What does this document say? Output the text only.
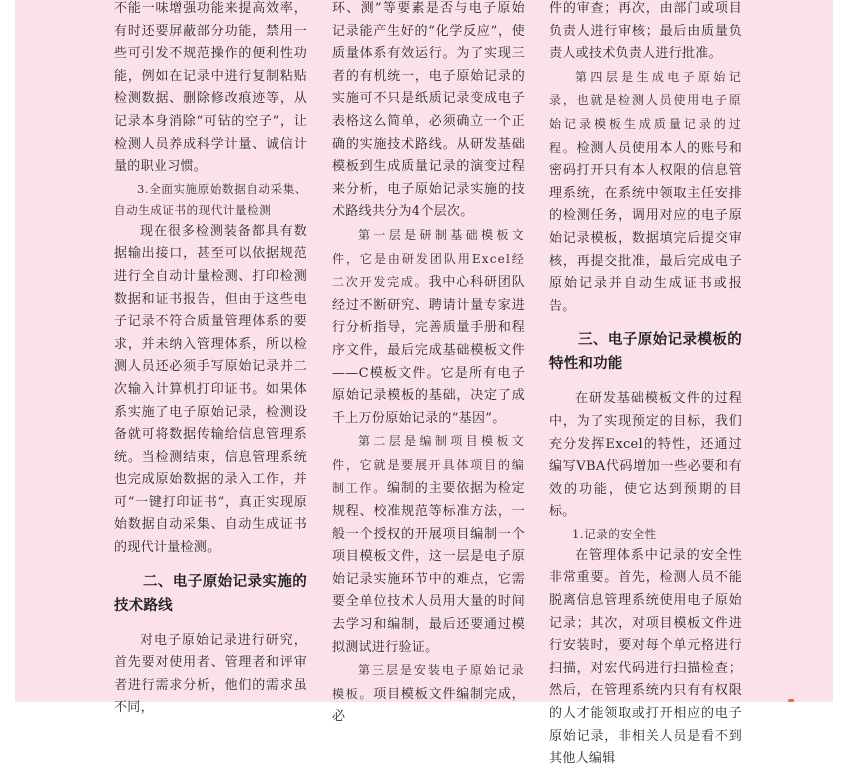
不能一味增强功能来提高效率，有时还要屏蔽部分功能，禁用一些可引发不规范操作的便利性功能，例如在记录中进行复制粘贴检测数据、删除修改痕迹等，从记录本身消除“可钻的空子”，让检测人员养成科学计量、诚信计量的职业习惯。

3.全面实施原始数据自动采集、自动生成证书的现代计量检测

现在很多检测装备都具有数据输出接口，甚至可以依据规范进行全自动计量检测、打印检测数据和证书报告，但由于这些电子记录不符合质量管理体系的要求，并未纳入管理体系，所以检测人员还必须手写原始记录并二次输入计算机打印证书。如果体系实施了电子原始记录，检测设备就可将数据传输给信息管理系统。当检测结束，信息管理系统也完成原始数据的录入工作，并可“一键打印证书”，真正实现原始数据自动采集、自动生成证书的现代计量检测。

二、电子原始记录实施的技术路线

对电子原始记录进行研究，首先要对使用者、管理者和评审者进行需求分析，他们的需求虽不同，

环、测”等要素是否与电子原始记录能产生好的“化学反应”，使质量体系有效运行。为了实现三者的有机统一，电子原始记录的实施可不只是纸质记录变成电子表格这么简单，必须确立一个正确的实施技术路线。从研发基础模板到生成质量记录的演变过程来分析，电子原始记录实施的技术路线共分为4个层次。

第一层是研制基础模板文件，它是由研发团队用Excel经二次开发完成。我中心科研团队经过不断研究、聘请计量专家进行分析指导，完善质量手册和程序文件，最后完成基础模板文件——C模板文件。它是所有电子原始记录模板的基础，决定了成千上万份原始记录的“基因”。

第二层是编制项目模板文件，它就是要展开具体项目的编制工作。编制的主要依据为检定规程、校准规范等标准方法，一般一个授权的开展项目编制一个项目模板文件，这一层是电子原始记录实施环节中的难点，它需要全单位技术人员用大量的时间去学习和编制，最后还要通过模拟测试进行验证。

第三层是安装电子原始记录模板。项目模板文件编制完成，必

件的审查；再次，由部门或项目负责人进行审核；最后由质量负责人或技术负责人进行批准。

第四层是生成电子原始记录，也就是检测人员使用电子原始记录模板生成质量记录的过程。检测人员使用本人的账号和密码打开只有本人权限的信息管理系统，在系统中领取主任安排的检测任务，调用对应的电子原始记录模板，数据填完后提交审核，再提交批准，最后完成电子原始记录并自动生成证书或报告。

三、电子原始记录模板的特性和功能

在研发基础模板文件的过程中，为了实现预定的目标，我们充分发挥Excel的特性，还通过编写VBA代码增加一些必要和有效的功能，使它达到预期的目标。

1.记录的安全性

在管理体系中记录的安全性非常重要。首先，检测人员不能脱离信息管理系统使用电子原始记录；其次，对项目模板文件进行安装时，要对每个单元格进行扫描，对宏代码进行扫描检查；然后，在管理系统内只有有权限的人才能领取或打开相应的电子原始记录，非相关人员是看不到其他人编辑
